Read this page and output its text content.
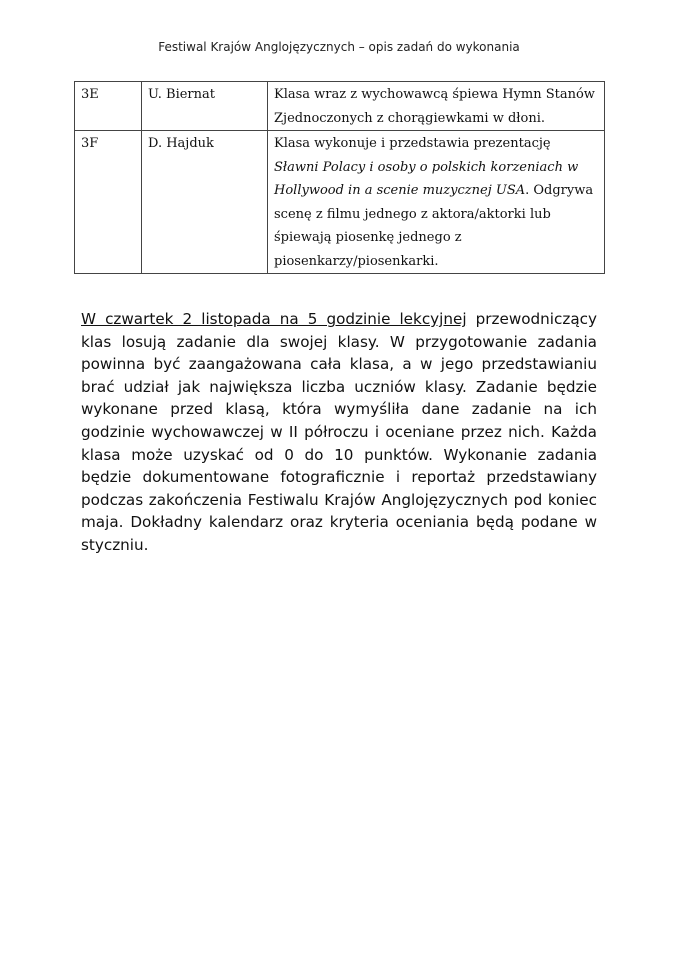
Festiwal Krajów Anglojęzycznych – opis zadań do wykonania
3E	U. Biernat	Klasa wraz z wychowawcą śpiewa Hymn Stanów Zjednoczonych z chorągiewkami w dłoni.
3F	D. Hajduk	Klasa wykonuje i przedstawia prezentację Sławni Polacy i osoby o polskich korzeniach w Hollywood in a scenie muzycznej USA. Odgrywa scenę z filmu jednego z aktora/aktorki lub śpiewają piosenkę jednego z piosenkarzy/piosenkarki.
W czwartek 2 listopada na 5 godzinie lekcyjnej przewodniczący klas losują zadanie dla swojej klasy. W przygotowanie zadania powinna być zaangażowana cała klasa, a w jego przedstawianiu brać udział jak największa liczba uczniów klasy. Zadanie będzie wykonane przed klasą, która wymyśliła dane zadanie na ich godzinie wychowawczej w II półroczu i oceniane przez nich. Każda klasa może uzyskać od 0 do 10 punktów. Wykonanie zadania będzie dokumentowane fotograficznie i reportaż przedstawiany podczas zakończenia Festiwalu Krajów Anglojęzycznych pod koniec maja. Dokładny kalendarz oraz kryteria oceniania będą podane w styczniu.
